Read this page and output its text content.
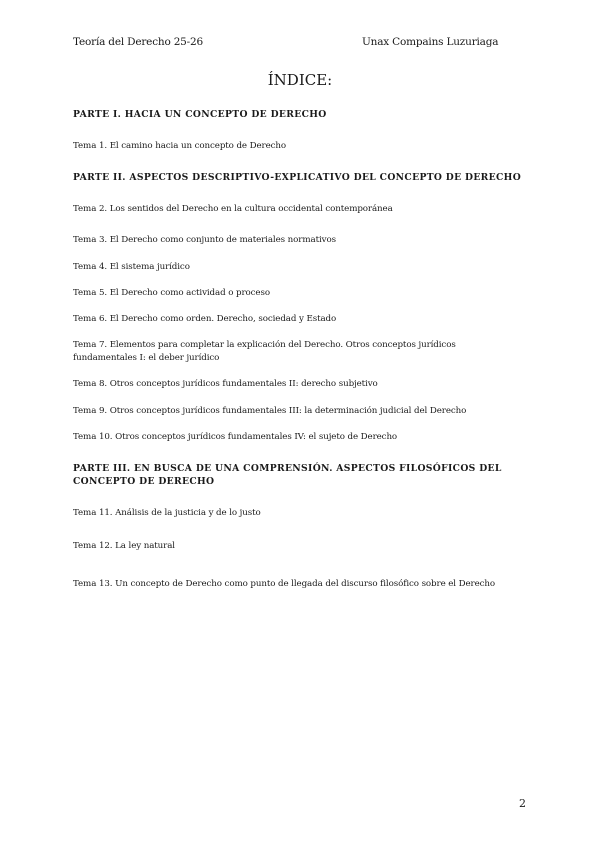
Teoría del Derecho 25-26	Unax Compains Luzuriaga
ÍNDICE:
PARTE I. HACIA UN CONCEPTO DE DERECHO
Tema 1. El camino hacia un concepto de Derecho
PARTE II. ASPECTOS DESCRIPTIVO-EXPLICATIVO DEL CONCEPTO DE DERECHO
Tema 2. Los sentidos del Derecho en la cultura occidental contemporánea
Tema 3. El Derecho como conjunto de materiales normativos
Tema 4. El sistema jurídico
Tema 5. El Derecho como actividad o proceso
Tema 6. El Derecho como orden. Derecho, sociedad y Estado
Tema 7. Elementos para completar la explicación del Derecho. Otros conceptos jurídicos fundamentales I: el deber jurídico
Tema 8. Otros conceptos jurídicos fundamentales II: derecho subjetivo
Tema 9. Otros conceptos jurídicos fundamentales III: la determinación judicial del Derecho
Tema 10. Otros conceptos jurídicos fundamentales IV: el sujeto de Derecho
PARTE III. EN BUSCA DE UNA COMPRENSIÓN. ASPECTOS FILOSÓFICOS DEL CONCEPTO DE DERECHO
Tema 11. Análisis de la justicia y de lo justo
Tema 12. La ley natural
Tema 13. Un concepto de Derecho como punto de llegada del discurso filosófico sobre el Derecho
2
